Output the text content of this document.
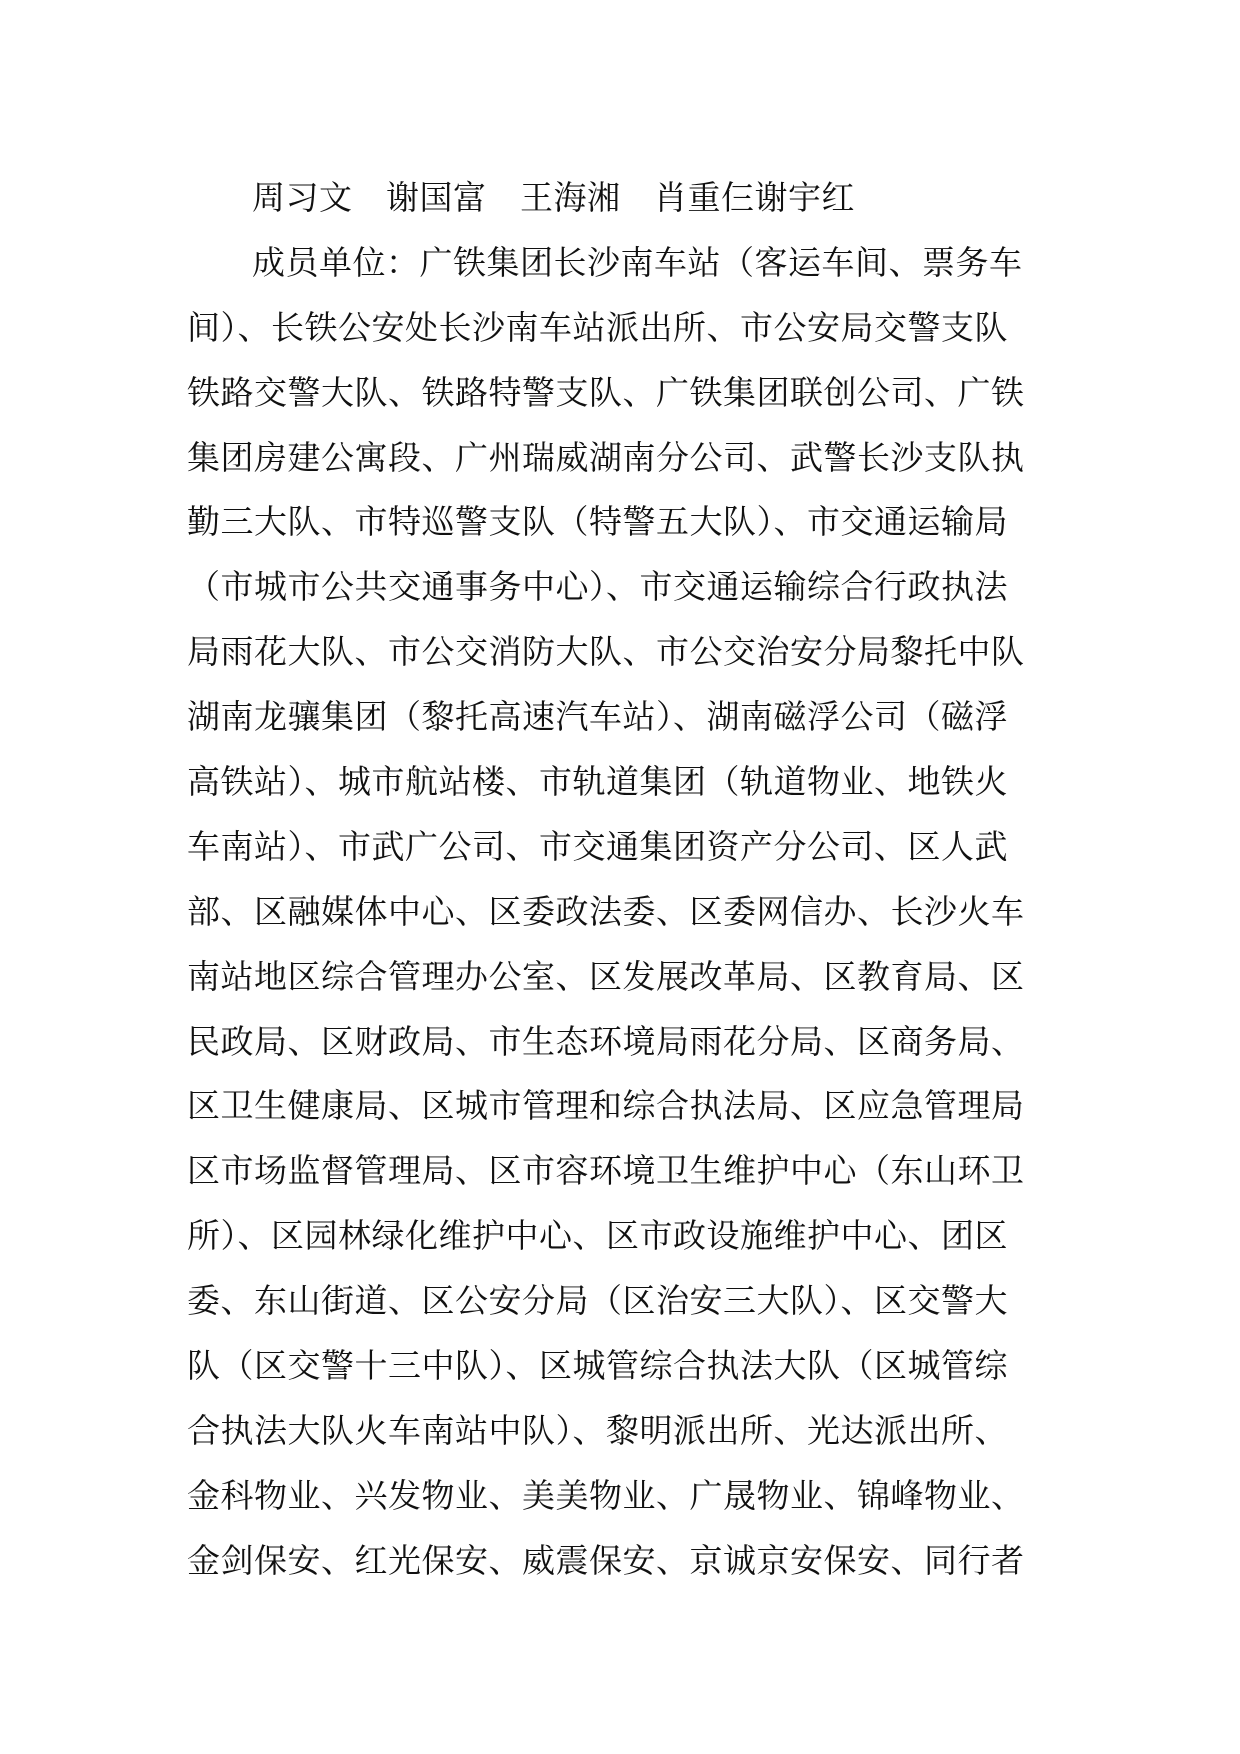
周习文　谢国富　王海湘　肖重仨谢宇红
成员单位：广铁集团长沙南车站（客运车间、票务车
间）、长铁公安处长沙南车站派出所、市公安局交警支队
铁路交警大队、铁路特警支队、广铁集团联创公司、广铁
集团房建公寓段、广州瑞威湖南分公司、武警长沙支队执
勤三大队、市特巡警支队（特警五大队）、市交通运输局
（市城市公共交通事务中心）、市交通运输综合行政执法
局雨花大队、市公交消防大队、市公交治安分局黎托中队
湖南龙骧集团（黎托高速汽车站）、湖南磁浮公司（磁浮
高铁站）、城市航站楼、市轨道集团（轨道物业、地铁火
车南站）、市武广公司、市交通集团资产分公司、区人武
部、区融媒体中心、区委政法委、区委网信办、长沙火车
南站地区综合管理办公室、区发展改革局、区教育局、区
民政局、区财政局、市生态环境局雨花分局、区商务局、
区卫生健康局、区城市管理和综合执法局、区应急管理局
区市场监督管理局、区市容环境卫生维护中心（东山环卫
所）、区园林绿化维护中心、区市政设施维护中心、团区
委、东山街道、区公安分局（区治安三大队）、区交警大
队（区交警十三中队）、区城管综合执法大队（区城管综
合执法大队火车南站中队）、黎明派出所、光达派出所、
金科物业、兴发物业、美美物业、广晟物业、锦峰物业、
金剑保安、红光保安、威震保安、京诚京安保安、同行者
